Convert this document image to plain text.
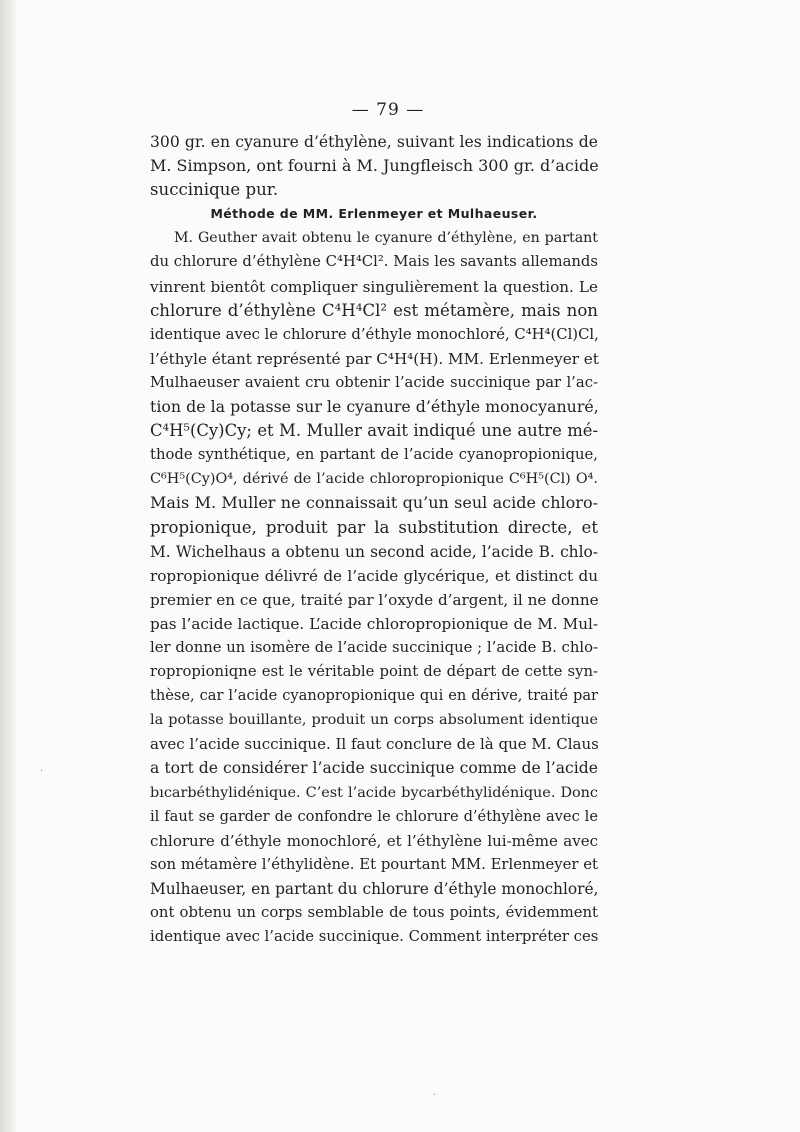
— 79 —
300 gr. en cyanure d’éthylène, suivant les indications de
M. Simpson, ont fourni à M. Jungfleisch 300 gr. d’acide
succinique pur.
Méthode de MM. Erlenmeyer et Mulhaeuser.
M. Geuther avait obtenu le cyanure d’éthylène, en partant
du chlorure d’éthylène C⁴H⁴Cl². Mais les savants allemands
vinrent bientôt compliquer singulièrement la question. Le
chlorure d’éthylène C⁴H⁴Cl² est métamère, mais non
identique avec le chlorure d’éthyle monochloré, C⁴H⁴(Cl)Cl,
l’éthyle étant représenté par C⁴H⁴(H). MM. Erlenmeyer et
Mulhaeuser avaient cru obtenir l’acide succinique par l’ac-
tion de la potasse sur le cyanure d’éthyle monocyanuré,
C⁴H⁵(Cy)Cy; et M. Muller avait indiqué une autre mé-
thode synthétique, en partant de l’acide cyanopropionique,
C⁶H⁵(Cy)O⁴, dérivé de l’acide chloropropionique C⁶H⁵(Cl) O⁴.
Mais M. Muller ne connaissait qu’un seul acide chloro-
propionique, produit par la substitution directe, et
M. Wichelhaus a obtenu un second acide, l’acide B. chlo-
ropropionique délivré de l’acide glycérique, et distinct du
premier en ce que, traité par l’oxyde d’argent, il ne donne
pas l’acide lactique. L’acide chloropropionique de M. Mul-
ler donne un isomère de l’acide succinique ; l’acide B. chlo-
ropropioniqne est le véritable point de départ de cette syn-
thèse, car l’acide cyanopropionique qui en dérive, traité par
la potasse bouillante, produit un corps absolument identique
avec l’acide succinique. Il faut conclure de là que M. Claus
a tort de considérer l’acide succinique comme de l’acide
bıcarbéthylidénique. C’est l’acide bycarbéthylidénique. Donc
il faut se garder de confondre le chlorure d’éthylène avec le
chlorure d’éthyle monochloré, et l’éthylène lui-même avec
son métamère l’éthylidène. Et pourtant MM. Erlenmeyer et
Mulhaeuser, en partant du chlorure d’éthyle monochloré,
ont obtenu un corps semblable de tous points, évidemment
identique avec l’acide succinique. Comment interpréter ces
·
·
